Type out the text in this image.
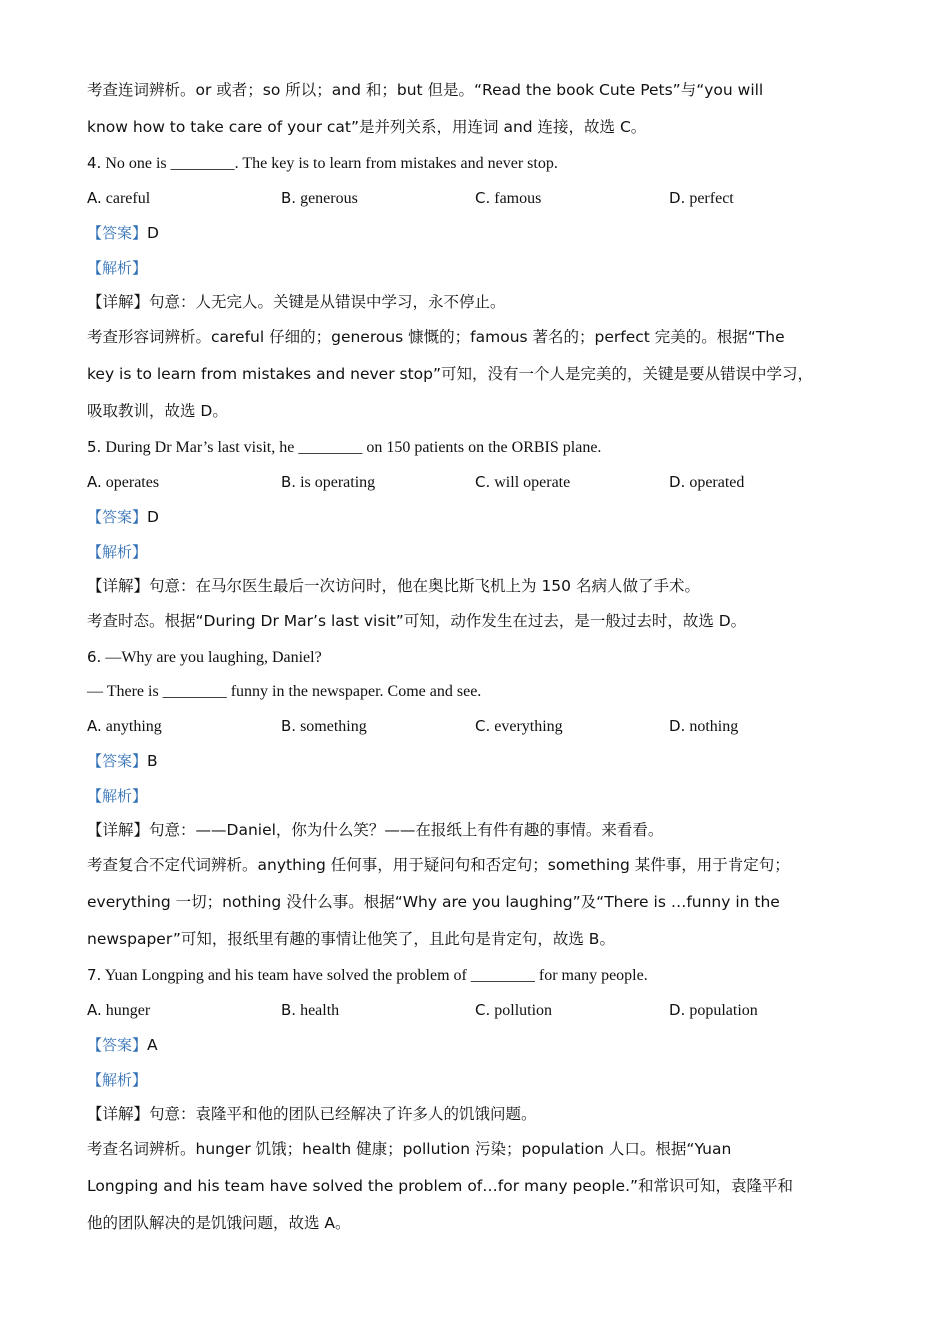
考查连词辨析。or 或者；so 所以；and 和；but 但是。“Read the book Cute Pets”与“you will

know how to take care of your cat”是并列关系，用连词 and 连接，故选 C。

4. No one is ________. The key is to learn from mistakes and never stop.

A. careful	B. generous	C. famous	D. perfect

【答案】D

【解析】

【详解】句意：人无完人。关键是从错误中学习，永不停止。

考查形容词辨析。careful 仔细的；generous 慷慨的；famous 著名的；perfect 完美的。根据“The

key is to learn from mistakes and never stop”可知，没有一个人是完美的，关键是要从错误中学习，

吸取教训，故选 D。

5. During Dr Mar’s last visit, he ________ on 150 patients on the ORBIS plane.

A. operates	B. is operating	C. will operate	D. operated

【答案】D

【解析】

【详解】句意：在马尔医生最后一次访问时，他在奥比斯飞机上为 150 名病人做了手术。

考查时态。根据“During Dr Mar’s last visit”可知，动作发生在过去，是一般过去时，故选 D。

6. —Why are you laughing, Daniel?

— There is ________ funny in the newspaper. Come and see.

A. anything	B. something	C. everything	D. nothing

【答案】B

【解析】

【详解】句意：——Daniel，你为什么笑？——在报纸上有件有趣的事情。来看看。

考查复合不定代词辨析。anything 任何事，用于疑问句和否定句；something 某件事，用于肯定句；

everything 一切；nothing 没什么事。根据“Why are you laughing”及“There is …funny in the

newspaper”可知，报纸里有趣的事情让他笑了，且此句是肯定句，故选 B。

7. Yuan Longping and his team have solved the problem of ________ for many people.

A. hunger	B. health	C. pollution	D. population

【答案】A

【解析】

【详解】句意：袁隆平和他的团队已经解决了许多人的饥饿问题。

考查名词辨析。hunger 饥饿；health 健康；pollution 污染；population 人口。根据“Yuan

Longping and his team have solved the problem of…for many people.”和常识可知，袁隆平和

他的团队解决的是饥饿问题，故选 A。
